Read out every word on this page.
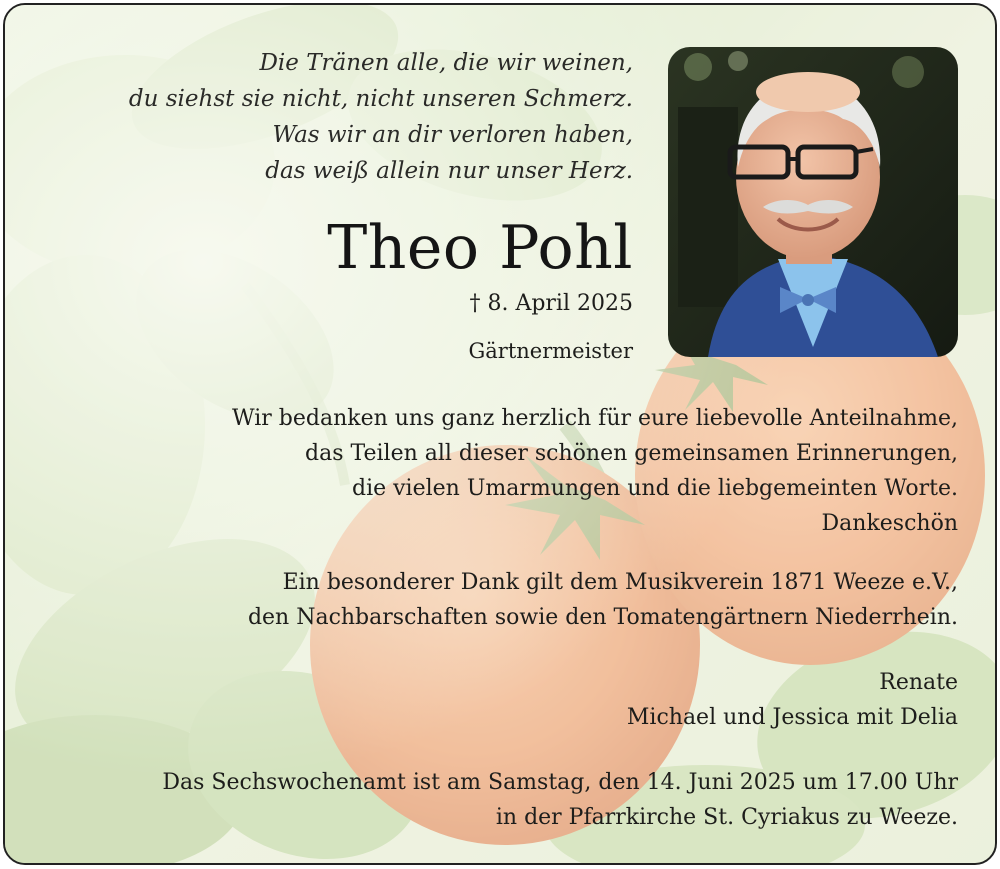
Die Tränen alle, die wir weinen,
du siehst sie nicht, nicht unseren Schmerz.
Was wir an dir verloren haben,
das weiß allein nur unser Herz.
Theo Pohl
† 8. April 2025
Gärtnermeister
Wir bedanken uns ganz herzlich für eure liebevolle Anteilnahme,
das Teilen all dieser schönen gemeinsamen Erinnerungen,
die vielen Umarmungen und die liebgemeinten Worte.
Dankeschön
Ein besonderer Dank gilt dem Musikverein 1871 Weeze e.V.,
den Nachbarschaften sowie den Tomatengärtnern Niederrhein.
Renate
Michael und Jessica mit Delia
Das Sechswochenamt ist am Samstag, den 14. Juni 2025 um 17.00 Uhr
in der Pfarrkirche St. Cyriakus zu Weeze.
